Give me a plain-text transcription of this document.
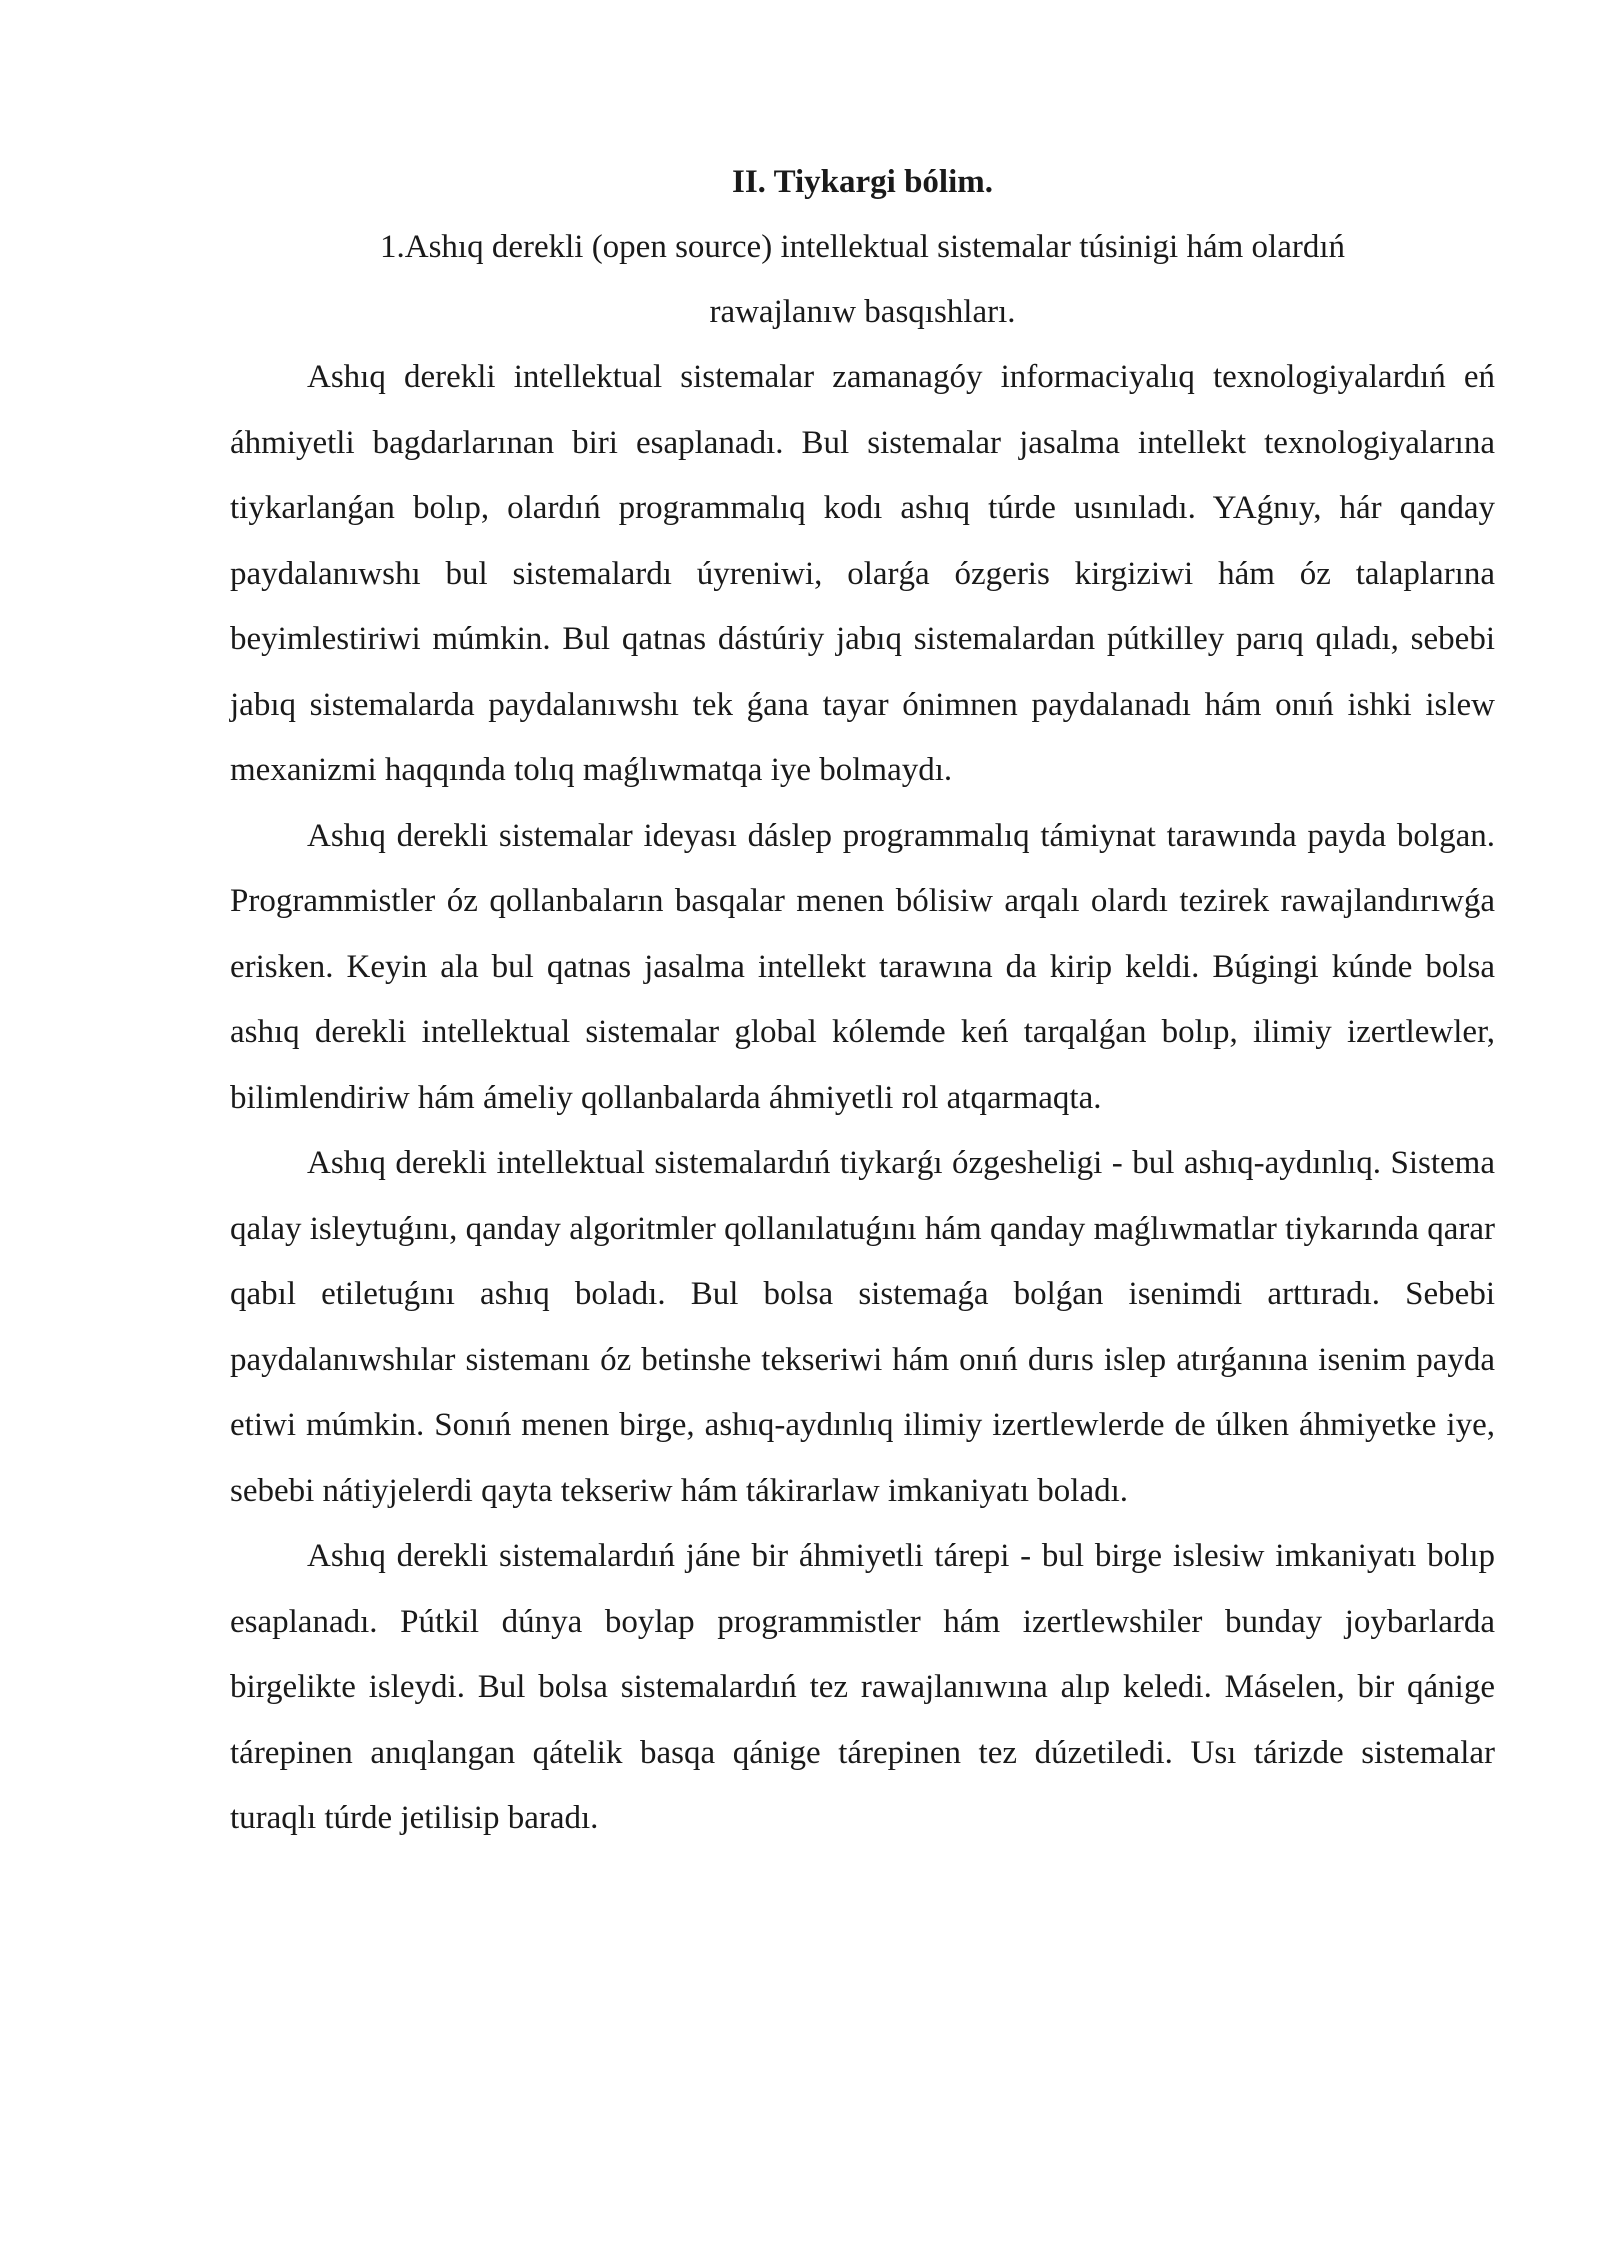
II. Tiykargi bólim.

1.Ashıq derekli (open source) intellektual sistemalar túsinigi hám olardıń rawajlanıw basqıshları.

Ashıq derekli intellektual sistemalar zamanagóy informaciyalıq texnologiyalardıń eń áhmiyetli bagdarlarınan biri esaplanadı. Bul sistemalar jasalma intellekt texnologiyalarına tiykarlanǵan bolıp, olardıń programmalıq kodı ashıq túrde usınıladı. YAǵnıy, hár qanday paydalanıwshı bul sistemalardı úyreniwi, olarǵa ózgeris kirgiziwi hám óz talaplarına beyimlestiriwi múmkin. Bul qatnas dástúriy jabıq sistemalardan pútkilley parıq qıladı, sebebi jabıq sistemalarda paydalanıwshı tek ǵana tayar ónimnen paydalanadı hám onıń ishki islew mexanizmi haqqında tolıq maǵlıwmatqa iye bolmaydı.

Ashıq derekli sistemalar ideyası dáslep programmalıq támiynat tarawında payda bolgan. Programmistler óz qollanbaların basqalar menen bólisiw arqalı olardı tezirek rawajlandırıwǵa erisken. Keyin ala bul qatnas jasalma intellekt tarawına da kirip keldi. Búgingi kúnde bolsa ashıq derekli intellektual sistemalar global kólemde keń tarqalǵan bolıp, ilimiy izertlewler, bilimlendiriw hám ámeliy qollanbalarda áhmiyetli rol atqarmaqta.

Ashıq derekli intellektual sistemalardıń tiykarǵı ózgesheligi - bul ashıq-aydınlıq. Sistema qalay isleytuǵını, qanday algoritmler qollanılatuǵını hám qanday maǵlıwmatlar tiykarında qarar qabıl etiletuǵını ashıq boladı. Bul bolsa sistemaǵa bolǵan isenimdi arttıradı. Sebebi paydalanıwshılar sistemanı óz betinshe tekseriwi hám onıń durıs islep atırǵanına isenim payda etiwi múmkin. Sonıń menen birge, ashıq-aydınlıq ilimiy izertlewlerde de úlken áhmiyetke iye, sebebi nátiyjelerdi qayta tekseriw hám tákirarlaw imkaniyatı boladı.

Ashıq derekli sistemalardıń jáne bir áhmiyetli tárepi - bul birge islesiw imkaniyatı bolıp esaplanadı. Pútkil dúnya boylap programmistler hám izertlewshiler bunday joybarlarda birgelikte isleydi. Bul bolsa sistemalardıń tez rawajlanıwına alıp keledi. Máselen, bir qánige tárepinen anıqlangan qátelik basqa qánige tárepinen tez dúzetiledi. Usı tárizde sistemalar turaqlı túrde jetilisip baradı.
